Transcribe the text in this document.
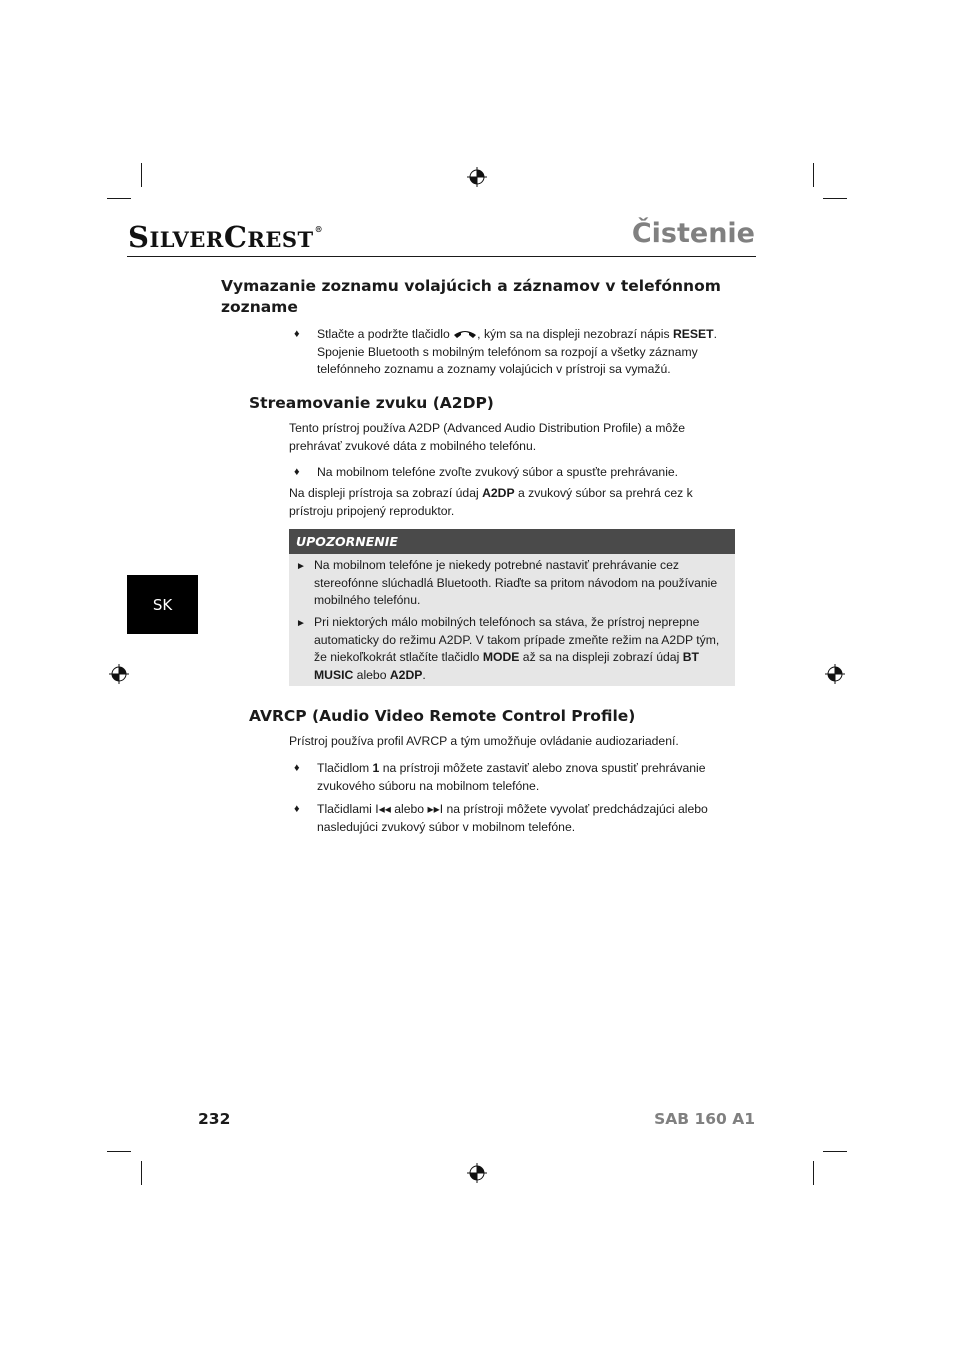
SILVERCREST®	Čistenie
SK
Vymazanie zoznamu volajúcich a záznamov v telefónnom zozname
♦	Stlačte a podržte tlačidlo , kým sa na displeji nezobrazí nápis RESET. Spojenie Bluetooth s mobilným telefónom sa rozpojí a všetky záznamy telefónneho zoznamu a zoznamy volajúcich v prístroji sa vymažú.
Streamovanie zvuku (A2DP)
Tento prístroj používa A2DP (Advanced Audio Distribution Profile) a môže prehrávať zvukové dáta z mobilného telefónu.
♦	Na mobilnom telefóne zvoľte zvukový súbor a spusťte prehrávanie.
Na displeji prístroja sa zobrazí údaj A2DP a zvukový súbor sa prehrá cez k prístroju pripojený reproduktor.
UPOZORNENIE
► Na mobilnom telefóne je niekedy potrebné nastaviť prehrávanie cez stereofónne slúchadlá Bluetooth. Riaďte sa pritom návodom na používanie mobilného telefónu.
► Pri niektorých málo mobilných telefónoch sa stáva, že prístroj neprepne automaticky do režimu A2DP. V takom prípade zmeňte režim na A2DP tým, že niekoľkokrát stlačíte tlačidlo MODE až sa na displeji zobrazí údaj BT MUSIC alebo A2DP.
AVRCP (Audio Video Remote Control Profile)
Prístroj používa profil AVRCP a tým umožňuje ovládanie audiozariadení.
♦	Tlačidlom 1 na prístroji môžete zastaviť alebo znova spustiť prehrávanie zvukového súboru na mobilnom telefóne.
♦	Tlačidlami I◂◂ alebo ▸▸I na prístroji môžete vyvolať predchádzajúci alebo nasledujúci zvukový súbor v mobilnom telefóne.
232	SAB 160 A1
